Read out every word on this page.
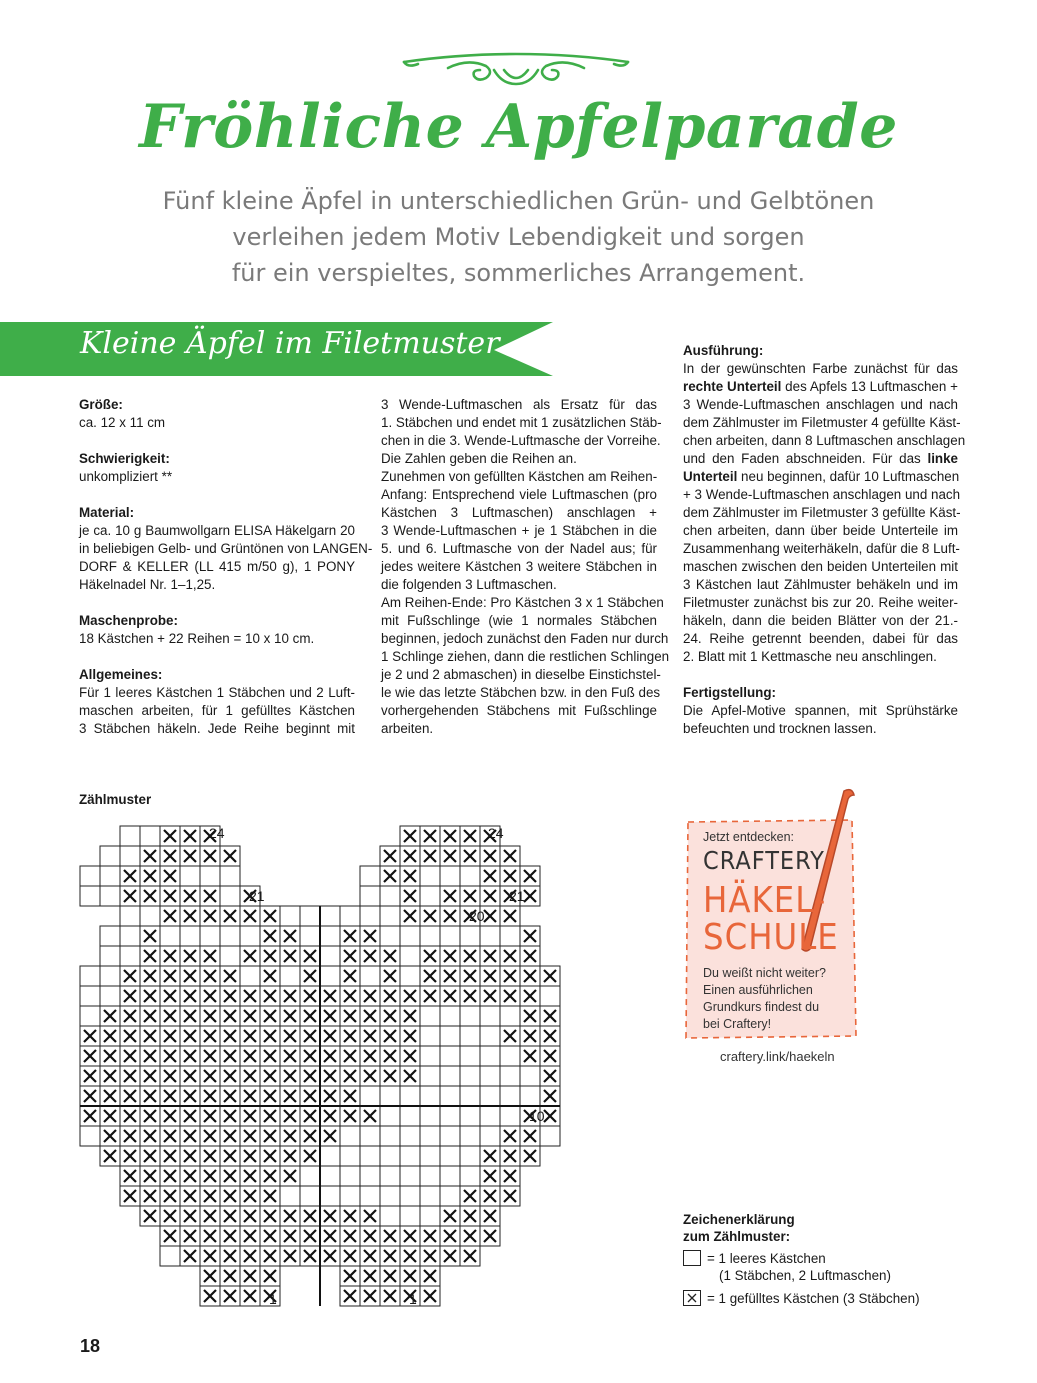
Fröhliche Apfelparade
Fünf kleine Äpfel in unterschiedlichen Grün- und Gelbtönen
verleihen jedem Motiv Lebendigkeit und sorgen
für ein verspieltes, sommerliches Arrangement.
Kleine Äpfel im Filetmuster
Größe:
ca. 12 x 11 cm
Schwierigkeit:
unkompliziert **
Material:
je ca. 10 g Baumwollgarn ELISA Häkelgarn 20
in beliebigen Gelb- und Grüntönen von LANGEN-
DORF & KELLER (LL 415 m/50 g), 1 PONY
Häkelnadel Nr. 1–1,25.
Maschenprobe:
18 Kästchen + 22 Reihen = 10 x 10 cm.
Allgemeines:
Für 1 leeres Kästchen 1 Stäbchen und 2 Luft-
maschen arbeiten, für 1 gefülltes Kästchen
3 Stäbchen häkeln. Jede Reihe beginnt mit
3 Wende-Luftmaschen als Ersatz für das
1. Stäbchen und endet mit 1 zusätzlichen Stäb-
chen in die 3. Wende-Luftmasche der Vorreihe.
Die Zahlen geben die Reihen an.
Zunehmen von gefüllten Kästchen am Reihen-
Anfang: Entsprechend viele Luftmaschen (pro
Kästchen 3 Luftmaschen) anschlagen +
3 Wende-Luftmaschen + je 1 Stäbchen in die
5. und 6. Luftmasche von der Nadel aus; für
jedes weitere Kästchen 3 weitere Stäbchen in
die folgenden 3 Luftmaschen.
Am Reihen-Ende: Pro Kästchen 3 x 1 Stäbchen
mit Fußschlinge (wie 1 normales Stäbchen
beginnen, jedoch zunächst den Faden nur durch
1 Schlinge ziehen, dann die restlichen Schlingen
je 2 und 2 abmaschen) in dieselbe Einstichstel-
le wie das letzte Stäbchen bzw. in den Fuß des
vorhergehenden Stäbchens mit Fußschlinge
arbeiten.
Ausführung:
In der gewünschten Farbe zunächst für das
rechte Unterteil des Apfels 13 Luftmaschen +
3 Wende-Luftmaschen anschlagen und nach
dem Zählmuster im Filetmuster 4 gefüllte Käst-
chen arbeiten, dann 8 Luftmaschen anschlagen
und den Faden abschneiden. Für das linke
Unterteil neu beginnen, dafür 10 Luftmaschen
+ 3 Wende-Luftmaschen anschlagen und nach
dem Zählmuster im Filetmuster 3 gefüllte Käst-
chen arbeiten, dann über beide Unterteile im
Zusammenhang weiterhäkeln, dafür die 8 Luft-
maschen zwischen den beiden Unterteilen mit
3 Kästchen laut Zählmuster behäkeln und im
Filetmuster zunächst bis zur 20. Reihe weiter-
häkeln, dann die beiden Blätter von der 21.-
24. Reihe getrennt beenden, dabei für das
2. Blatt mit 1 Kettmasche neu anschlingen.
Fertigstellung:
Die Apfel-Motive spannen, mit Sprühstärke
befeuchten und trocknen lassen.
Zählmuster
24	24
21	21
20
10
1	1
Jetzt entdecken:
CRAFTERY
HÄKEL-
SCHULE
Du weißt nicht weiter?
Einen ausführlichen
Grundkurs findest du
bei Craftery!
craftery.link/haekeln
Zeichenerklärung
zum Zählmuster:
= 1 leeres Kästchen
(1 Stäbchen, 2 Luftmaschen)
= 1 gefülltes Kästchen (3 Stäbchen)
18
